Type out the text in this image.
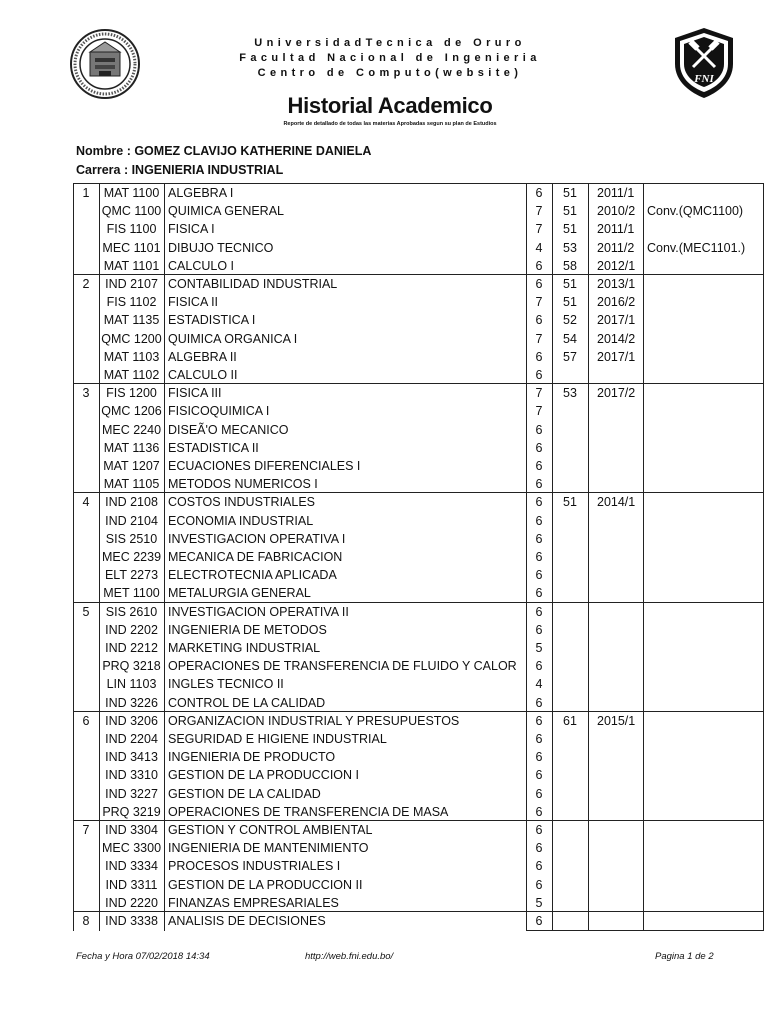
UniversidadTecnica de Oruro
Facultad Nacional de Ingenieria
Centro de Computo(website)
Historial Academico
Reporte de detallado de todas las materias Aprobadas segun su plan de Estudios
FNI
Nombre : GOMEZ CLAVIJO KATHERINE DANIELA
Carrera : INGENIERIA INDUSTRIAL
1	MAT 1100 ALGEBRA I	6	51	2011/1
QMC 1100 QUIMICA GENERAL	7	51	2010/2 Conv.(QMC1100)
FIS 1100 FISICA I	7	51	2011/1
MEC 1101 DIBUJO TECNICO	4	53	2011/2 Conv.(MEC1101.)
MAT 1101 CALCULO I	6	58	2012/1
2	IND 2107 CONTABILIDAD INDUSTRIAL	6	51	2013/1
FIS 1102 FISICA II	7	51	2016/2
MAT 1135 ESTADISTICA I	6	52	2017/1
QMC 1200 QUIMICA ORGANICA I	7	54	2014/2
MAT 1103 ALGEBRA II	6	57	2017/1
MAT 1102 CALCULO II	6
3	FIS 1200 FISICA III	7	53	2017/2
QMC 1206 FISICOQUIMICA I	7
MEC 2240 DISEÃ'O MECANICO	6
MAT 1136 ESTADISTICA II	6
MAT 1207 ECUACIONES DIFERENCIALES I	6
MAT 1105 METODOS NUMERICOS I	6
4	IND 2108 COSTOS INDUSTRIALES	6	51	2014/1
IND 2104 ECONOMIA INDUSTRIAL	6
SIS 2510 INVESTIGACION OPERATIVA I	6
MEC 2239 MECANICA DE FABRICACION	6
ELT 2273 ELECTROTECNIA APLICADA	6
MET 1100 METALURGIA GENERAL	6
5	SIS 2610 INVESTIGACION OPERATIVA II	6
IND 2202 INGENIERIA DE METODOS	6
IND 2212 MARKETING INDUSTRIAL	5
PRQ 3218 OPERACIONES DE TRANSFERENCIA DE FLUIDO Y CALOR	6
LIN 1103 INGLES TECNICO II	4
IND 3226 CONTROL DE LA CALIDAD	6
6	IND 3206 ORGANIZACION INDUSTRIAL Y PRESUPUESTOS	6	61	2015/1
IND 2204 SEGURIDAD E HIGIENE INDUSTRIAL	6
IND 3413 INGENIERIA DE PRODUCTO	6
IND 3310 GESTION DE LA PRODUCCION I	6
IND 3227 GESTION DE LA CALIDAD	6
PRQ 3219 OPERACIONES DE TRANSFERENCIA DE MASA	6
7	IND 3304 GESTION Y CONTROL AMBIENTAL	6
MEC 3300 INGENIERIA DE MANTENIMIENTO	6
IND 3334 PROCESOS INDUSTRIALES I	6
IND 3311 GESTION DE LA PRODUCCION II	6
IND 2220 FINANZAS EMPRESARIALES	5
8	IND 3338 ANALISIS DE DECISIONES	6
Fecha y Hora 07/02/2018 14:34	http://web.fni.edu.bo/	Pagina 1 de 2
